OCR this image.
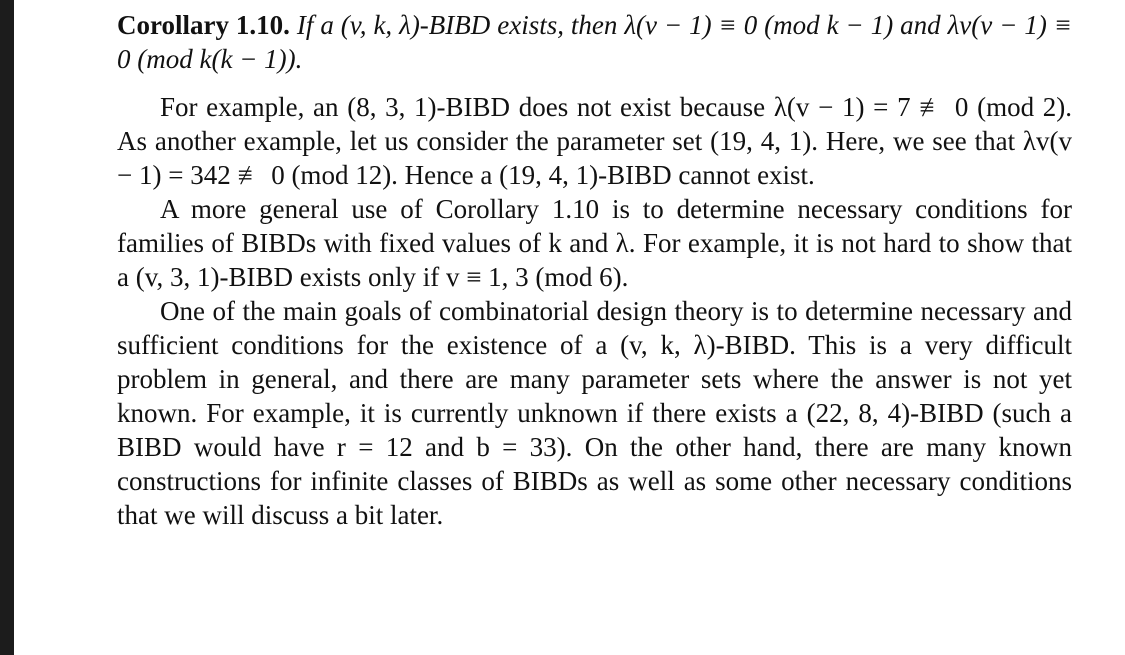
Corollary 1.10. If a (v, k, λ)-BIBD exists, then λ(v − 1) ≡ 0 (mod k − 1) and λv(v − 1) ≡ 0 (mod k(k − 1)).

For example, an (8, 3, 1)-BIBD does not exist because λ(v − 1) = 7 ≢ 0 (mod 2). As another example, let us consider the parameter set (19, 4, 1). Here, we see that λv(v − 1) = 342 ≢ 0 (mod 12). Hence a (19, 4, 1)-BIBD cannot exist.

A more general use of Corollary 1.10 is to determine necessary conditions for families of BIBDs with fixed values of k and λ. For example, it is not hard to show that a (v, 3, 1)-BIBD exists only if v ≡ 1, 3 (mod 6).

One of the main goals of combinatorial design theory is to determine necessary and sufficient conditions for the existence of a (v, k, λ)-BIBD. This is a very difficult problem in general, and there are many parameter sets where the answer is not yet known. For example, it is currently unknown if there exists a (22, 8, 4)-BIBD (such a BIBD would have r = 12 and b = 33). On the other hand, there are many known constructions for infinite classes of BIBDs as well as some other necessary conditions that we will discuss a bit later.
